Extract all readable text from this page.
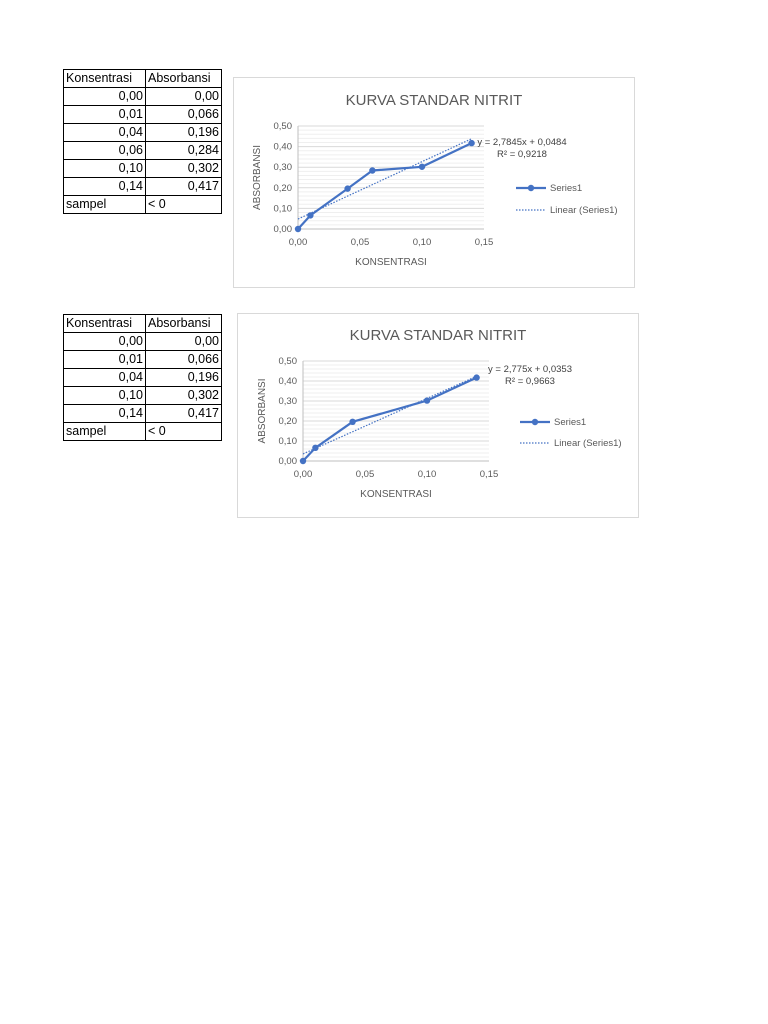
Konsentrasi	Absorbansi
0,00	0,00
0,01	0,066
0,04	0,196
0,06	0,284
0,10	0,302
0,14	0,417
sampel	< 0
KURVA STANDAR NITRIT
0,00
0,10
0,20
0,30
0,40
0,50
0,00	0,05	0,10	0,15
KONSENTRASI
ABSORBANSI
y = 2,7845x + 0,0484
R² = 0,9218
Series1
Linear (Series1)
Konsentrasi	Absorbansi
0,00	0,00
0,01	0,066
0,04	0,196
0,10	0,302
0,14	0,417
sampel	< 0
KURVA STANDAR NITRIT
0,00
0,10
0,20
0,30
0,40
0,50
0,00	0,05	0,10	0,15
KONSENTRASI
ABSORBANSI
y = 2,775x + 0,0353
R² = 0,9663
Series1
Linear (Series1)
